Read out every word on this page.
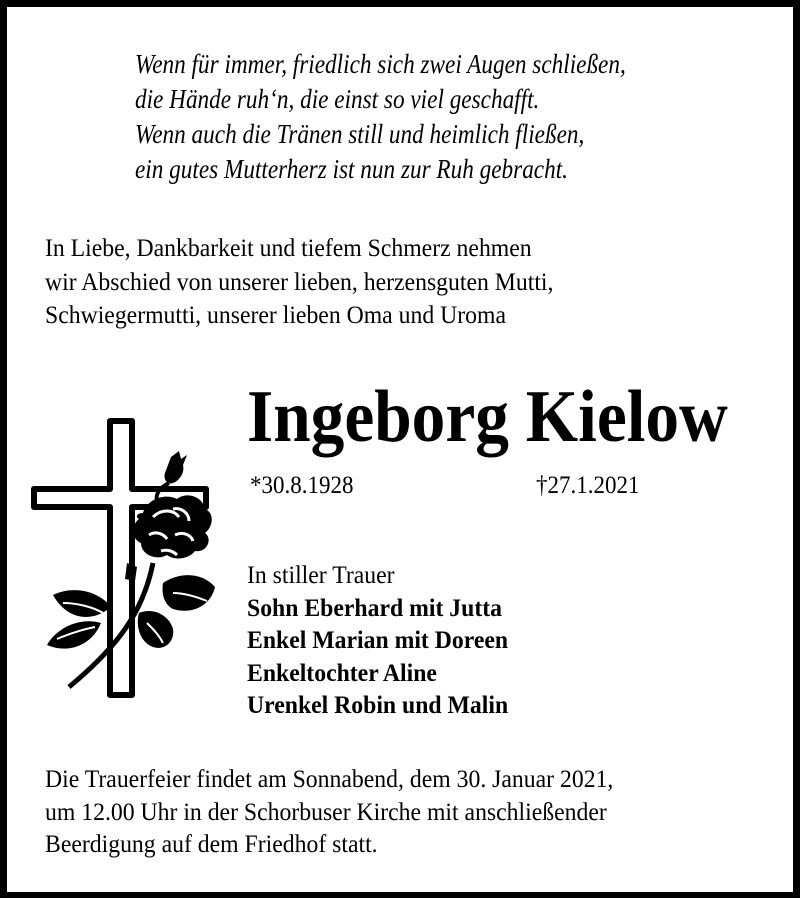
Wenn für immer, friedlich sich zwei Augen schließen,
die Hände ruh‘n, die einst so viel geschafft.
Wenn auch die Tränen still und heimlich fließen,
ein gutes Mutterherz ist nun zur Ruh gebracht.
In Liebe, Dankbarkeit und tiefem Schmerz nehmen
wir Abschied von unserer lieben, herzensguten Mutti,
Schwiegermutti, unserer lieben Oma und Uroma
Ingeborg Kielow
*30.8.1928	†27.1.2021
In stiller Trauer
Sohn Eberhard mit Jutta
Enkel Marian mit Doreen
Enkeltochter Aline
Urenkel Robin und Malin
Die Trauerfeier findet am Sonnabend, dem 30. Januar 2021,
um 12.00 Uhr in der Schorbuser Kirche mit anschließender
Beerdigung auf dem Friedhof statt.
